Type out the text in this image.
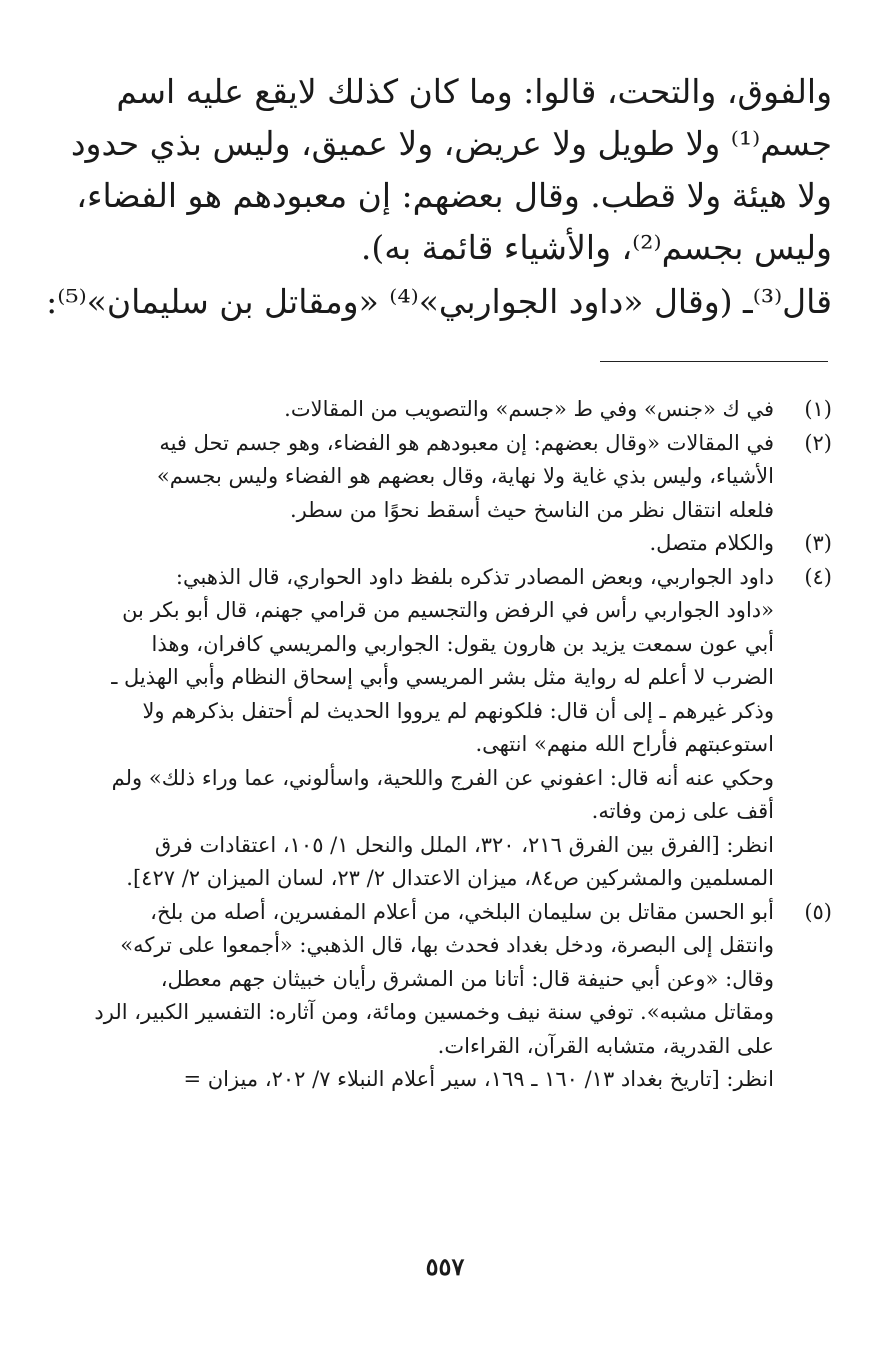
والفوق، والتحت، قالوا: وما كان كذلك لايقع عليه اسم
جسم⁽¹⁾ ولا طويل ولا عريض، ولا عميق، وليس بذي حدود
ولا هيئة ولا قطب. وقال بعضهم: إن معبودهم هو الفضاء،
وليس بجسم⁽²⁾، والأشياء قائمة به).
قال⁽³⁾ـ (وقال «داود الجواربي»⁽⁴⁾ «ومقاتل بن سليمان»⁽⁵⁾:
(١)
في ك «جنس» وفي ط «جسم» والتصويب من المقالات.
(٢)
في المقالات «وقال بعضهم: إن معبودهم هو الفضاء، وهو جسم تحل فيه
الأشياء، وليس بذي غاية ولا نهاية، وقال بعضهم هو الفضاء وليس بجسم»
فلعله انتقال نظر من الناسخ حيث أسقط نحوًا من سطر.
(٣)
والكلام متصل.
(٤)
داود الجواربي، وبعض المصادر تذكره بلفظ داود الحواري، قال الذهبي:
«داود الجواربي رأس في الرفض والتجسيم من قرامي جهنم، قال أبو بكر بن
أبي عون سمعت يزيد بن هارون يقول: الجواربي والمريسي كافران، وهذا
الضرب لا أعلم له رواية مثل بشر المريسي وأبي إسحاق النظام وأبي الهذيل ـ
وذكر غيرهم ـ إلى أن قال: فلكونهم لم يرووا الحديث لم أحتفل بذكرهم ولا
استوعبتهم فأراح الله منهم» انتهى.
وحكي عنه أنه قال: اعفوني عن الفرج واللحية، واسألوني، عما وراء ذلك» ولم
أقف على زمن وفاته.
انظر: [الفرق بين الفرق ٢١٦، ٣٢٠، الملل والنحل ١/ ١٠٥، اعتقادات فرق
المسلمين والمشركين ص٨٤، ميزان الاعتدال ٢/ ٢٣، لسان الميزان ٢/ ٤٢٧].
(٥)
أبو الحسن مقاتل بن سليمان البلخي، من أعلام المفسرين، أصله من بلخ،
وانتقل إلى البصرة، ودخل بغداد فحدث بها، قال الذهبي: «أجمعوا على تركه»
وقال: «وعن أبي حنيفة قال: أتانا من المشرق رأيان خبيثان جهم معطل،
ومقاتل مشبه». توفي سنة نيف وخمسين ومائة، ومن آثاره: التفسير الكبير، الرد
على القدرية، متشابه القرآن، القراءات.
انظر: [تاريخ بغداد ١٣/ ١٦٠ ـ ١٦٩، سير أعلام النبلاء ٧/ ٢٠٢، ميزان =
٥٥٧
